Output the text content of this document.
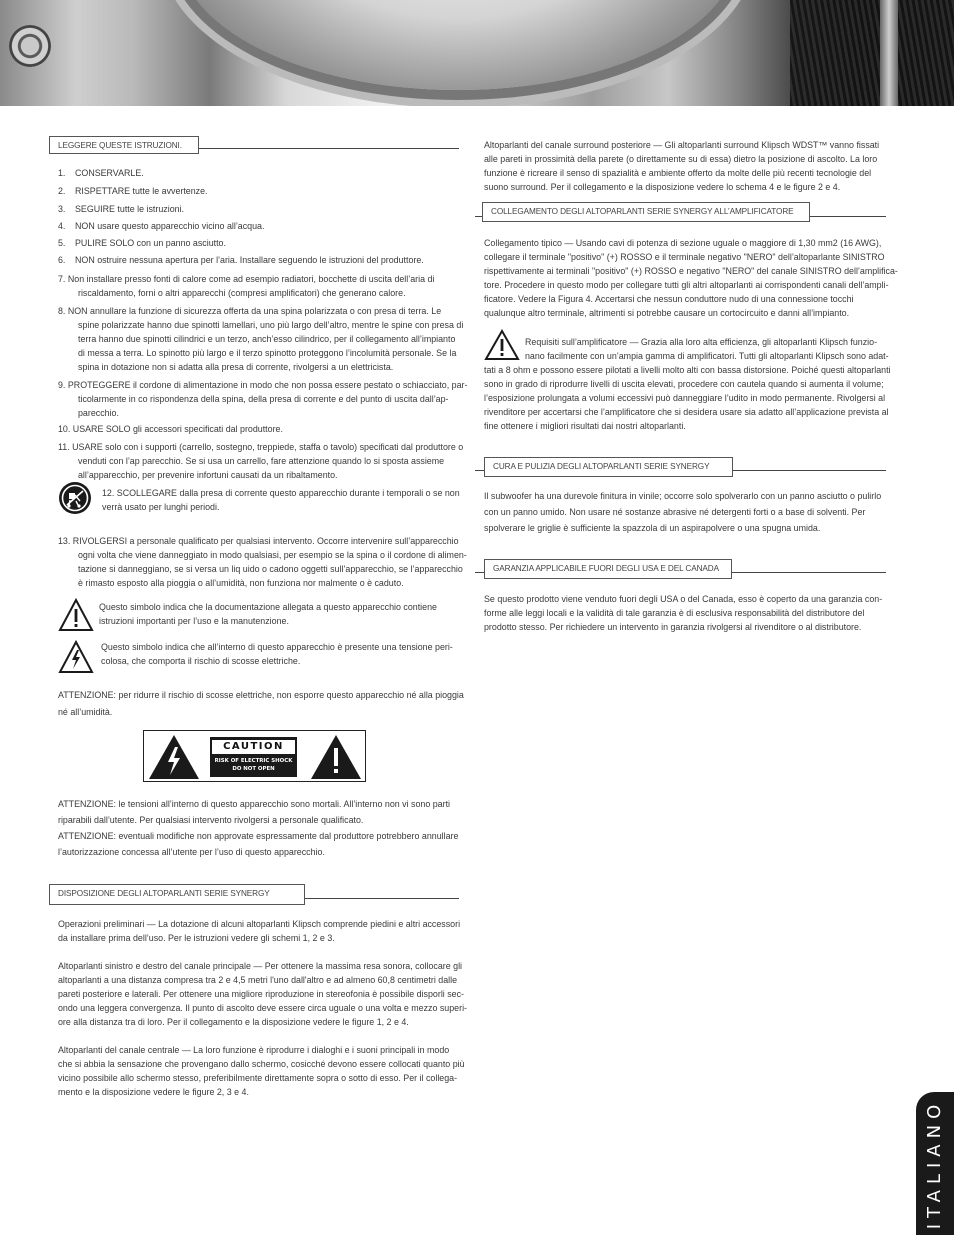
LEGGERE QUESTE ISTRUZIONI.
1. CONSERVARLE.
2. RISPETTARE tutte le avvertenze.
3. SEGUIRE tutte le istruzioni.
4. NON usare questo apparecchio vicino all’acqua.
5. PULIRE SOLO con un panno asciutto.
6. NON ostruire nessuna apertura per l’aria. Installare seguendo le istruzioni del produttore.
7. Non installare presso fonti di calore come ad esempio radiatori, bocchette di uscita dell’aria di
riscaldamento, forni o altri apparecchi (compresi amplificatori) che generano calore.
8. NON annullare la funzione di sicurezza offerta da una spina polarizzata o con presa di terra. Le
spine polarizzate hanno due spinotti lamellari, uno più largo dell’altro, mentre le spine con presa di
terra hanno due spinotti cilindrici e un terzo, anch’esso cilindrico, per il collegamento all’impianto
di messa a terra. Lo spinotto più largo e il terzo spinotto proteggono l’incolumità personale. Se la
spina in dotazione non si adatta alla presa di corrente, rivolgersi a un elettricista.
9. PROTEGGERE il cordone di alimentazione in modo che non possa essere pestato o schiacciato, par-
ticolarmente in co rispondenza della spina, della presa di corrente e del punto di uscita dall’ap-
parecchio.
10. USARE SOLO gli accessori specificati dal produttore.
11. USARE solo con i supporti (carrello, sostegno, treppiede, staffa o tavolo) specificati dal produttore o
venduti con l’ap parecchio. Se si usa un carrello, fare attenzione quando lo si sposta assieme
all’apparecchio, per prevenire infortuni causati da un ribaltamento.
12. SCOLLEGARE dalla presa di corrente questo apparecchio durante i temporali o se non
verrà usato per lunghi periodi.
13. RIVOLGERSI a personale qualificato per qualsiasi intervento. Occorre intervenire sull’apparecchio
ogni volta che viene danneggiato in modo qualsiasi, per esempio se la spina o il cordone di alimen-
tazione si danneggiano, se si versa un liq uido o cadono oggetti sull’apparecchio, se l’apparecchio
è rimasto esposto alla pioggia o all’umidità, non funziona nor malmente o è caduto.
Questo simbolo indica che la documentazione allegata a questo apparecchio contiene
istruzioni importanti per l’uso e la manutenzione.
Questo simbolo indica che all’interno di questo apparecchio è presente una tensione peri-
colosa, che comporta il rischio di scosse elettriche.
ATTENZIONE: per ridurre il rischio di scosse elettriche, non esporre questo apparecchio né alla pioggia
né all’umidità.
CAUTION
RISK OF ELECTRIC SHOCK
DO NOT OPEN
ATTENZIONE: le tensioni all’interno di questo apparecchio sono mortali. All’interno non vi sono parti
riparabili dall’utente. Per qualsiasi intervento rivolgersi a personale qualificato.
ATTENZIONE: eventuali modifiche non approvate espressamente dal produttore potrebbero annullare
l’autorizzazione concessa all’utente per l’uso di questo apparecchio.
DISPOSIZIONE DEGLI ALTOPARLANTI SERIE SYNERGY
Operazioni preliminari — La dotazione di alcuni altoparlanti Klipsch comprende piedini e altri accessori
da installare prima dell’uso. Per le istruzioni vedere gli schemi 1, 2 e 3.
Altoparlanti sinistro e destro del canale principale — Per ottenere la massima resa sonora, collocare gli
altoparlanti a una distanza compresa tra 2 e 4,5 metri l'uno dall'altro e ad almeno 60,8 centimetri dalle
pareti posteriore e laterali. Per ottenere una migliore riproduzione in stereofonia è possibile disporli sec-
ondo una leggera convergenza. Il punto di ascolto deve essere circa uguale o una volta e mezzo superi-
ore alla distanza tra di loro. Per il collegamento e la disposizione vedere le figure 1, 2 e 4.
Altoparlanti del canale centrale — La loro funzione è riprodurre i dialoghi e i suoni principali in modo
che si abbia la sensazione che provengano dallo schermo, cosicché devono essere collocati quanto più
vicino possibile allo schermo stesso, preferibilmente direttamente sopra o sotto di esso. Per il collega-
mento e la disposizione vedere le figure 2, 3 e 4.
Altoparlanti del canale surround posteriore — Gli altoparlanti surround Klipsch WDST™ vanno fissati
alle pareti in prossimità della parete (o direttamente su di essa) dietro la posizione di ascolto. La loro
funzione è ricreare il senso di spazialità e ambiente offerto da molte delle più recenti tecnologie del
suono surround. Per il collegamento e la disposizione vedere lo schema 4 e le figure 2 e 4.
COLLEGAMENTO DEGLI ALTOPARLANTI SERIE SYNERGY ALL’AMPLIFICATORE
Collegamento tipico — Usando cavi di potenza di sezione uguale o maggiore di 1,30 mm2 (16 AWG),
collegare il terminale "positivo" (+) ROSSO e il terminale negativo "NERO" dell’altoparlante SINISTRO
rispettivamente ai terminali "positivo" (+) ROSSO e negativo "NERO" del canale SINISTRO dell’amplifica-
tore. Procedere in questo modo per collegare tutti gli altri altoparlanti ai corrispondenti canali dell’ampli-
ficatore. Vedere la Figura 4. Accertarsi che nessun conduttore nudo di una connessione tocchi
qualunque altro terminale, altrimenti si potrebbe causare un cortocircuito e danni all’impianto.
Requisiti sull’amplificatore — Grazia alla loro alta efficienza, gli altoparlanti Klipsch funzio-
nano facilmente con un’ampia gamma di amplificatori. Tutti gli altoparlanti Klipsch sono adat-
tati a 8 ohm e possono essere pilotati a livelli molto alti con bassa distorsione. Poiché questi altoparlanti
sono in grado di riprodurre livelli di uscita elevati, procedere con cautela quando si aumenta il volume;
l’esposizione prolungata a volumi eccessivi può danneggiare l’udito in modo permanente. Rivolgersi al
rivenditore per accertarsi che l’amplificatore che si desidera usare sia adatto all’applicazione prevista al
fine ottenere i migliori risultati dai nostri altoparlanti.
CURA E PULIZIA DEGLI ALTOPARLANTI SERIE SYNERGY
Il subwoofer ha una durevole finitura in vinile; occorre solo spolverarlo con un panno asciutto o pulirlo
con un panno umido. Non usare né sostanze abrasive né detergenti forti o a base di solventi. Per
spolverare le griglie è sufficiente la spazzola di un aspirapolvere o una spugna umida.
GARANZIA APPLICABILE FUORI DEGLI USA E DEL CANADA
Se questo prodotto viene venduto fuori degli USA o del Canada, esso è coperto da una garanzia con-
forme alle leggi locali e la validità di tale garanzia è di esclusiva responsabilità del distributore del
prodotto stesso. Per richiedere un intervento in garanzia rivolgersi al rivenditore o al distributore.
ITALIANO
